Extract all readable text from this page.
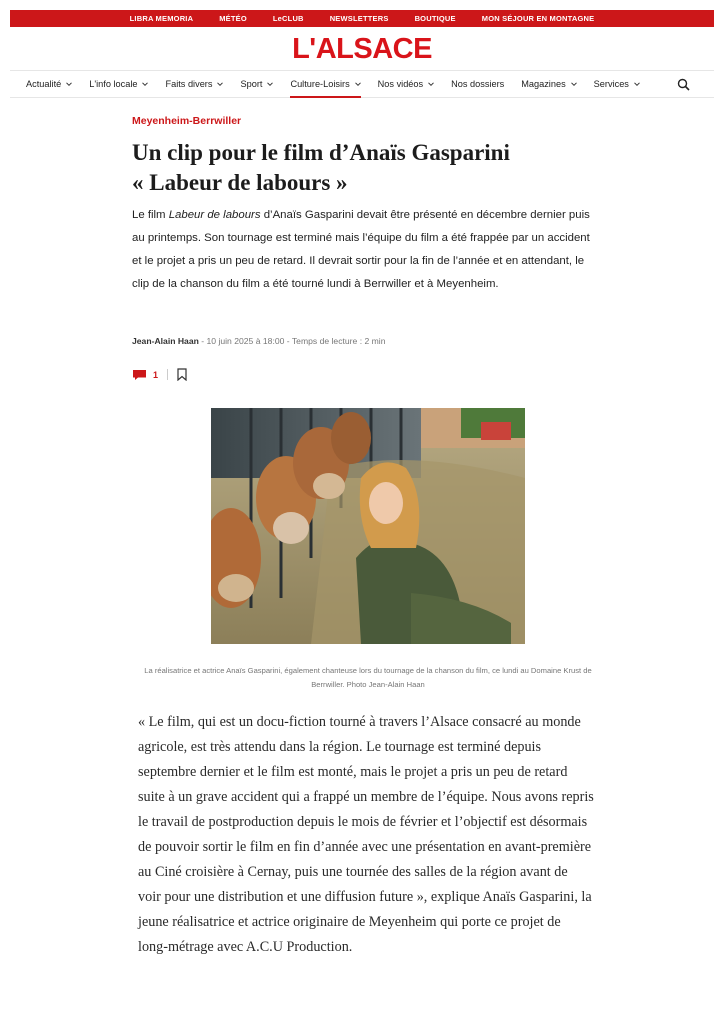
LIBRA MEMORIA	MÉTÉO	LeCLUB	NEWSLETTERS	BOUTIQUE	MON SÉJOUR EN MONTAGNE
L'ALSACE
Actualité	L'info locale	Faits divers	Sport	Culture-Loisirs	Nos vidéos	Nos dossiers Magazines	Services
Meyenheim-Berrwiller
Un clip pour le film d’Anaïs Gasparini
« Labeur de labours »

Le film Labeur de labours d’Anaïs Gasparini devait être présenté en décembre dernier puis au printemps. Son tournage est terminé mais l’équipe du film a été frappée par un accident et le projet a pris un peu de retard. Il devrait sortir pour la fin de l’année et en attendant, le clip de la chanson du film a été tourné lundi à Berrwiller et à Meyenheim.

Jean-Alain Haan - 10 juin 2025 à 18:00 - Temps de lecture : 2 min
1

La réalisatrice et actrice Anaïs Gasparini, également chanteuse lors du tournage de la chanson du film, ce lundi au Domaine Krust de Berrwiller. Photo Jean-Alain Haan

« Le film, qui est un docu-fiction tourné à travers l’Alsace consacré au monde agricole, est très attendu dans la région. Le tournage est terminé depuis septembre dernier et le film est monté, mais le projet a pris un peu de retard suite à un grave accident qui a frappé un membre de l’équipe. Nous avons repris le travail de postproduction depuis le mois de février et l’objectif est désormais de pouvoir sortir le film en fin d’année avec une présentation en avant-première au Ciné croisière à Cernay, puis une tournée des salles de la région avant de voir pour une distribution et une diffusion future », explique Anaïs Gasparini, la jeune réalisatrice et actrice originaire de Meyenheim qui porte ce projet de long-métrage avec A.C.U Production.
